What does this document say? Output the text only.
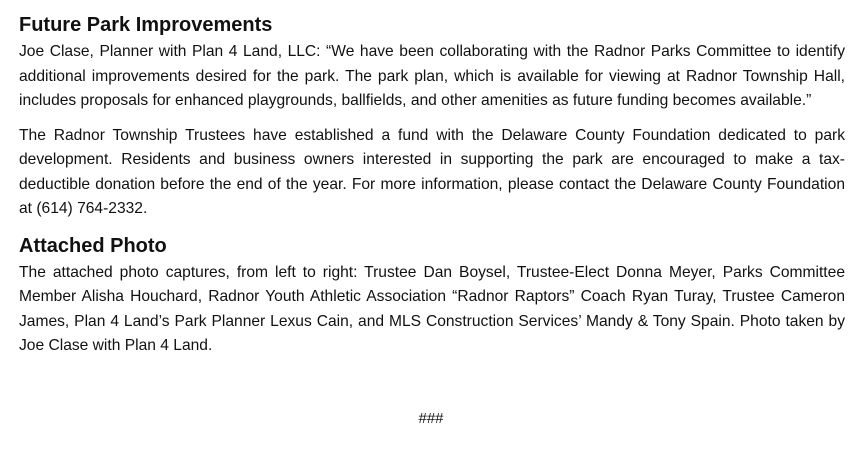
Future Park Improvements

Joe Clase, Planner with Plan 4 Land, LLC: “We have been collaborating with the Radnor Parks Committee to identify additional improvements desired for the park. The park plan, which is available for viewing at Radnor Township Hall, includes proposals for enhanced playgrounds, ballfields, and other amenities as future funding becomes available.”

The Radnor Township Trustees have established a fund with the Delaware County Foundation dedicated to park development. Residents and business owners interested in supporting the park are encouraged to make a tax-deductible donation before the end of the year. For more information, please contact the Delaware County Foundation at (614) 764-2332.

Attached Photo

The attached photo captures, from left to right: Trustee Dan Boysel, Trustee-Elect Donna Meyer, Parks Committee Member Alisha Houchard, Radnor Youth Athletic Association “Radnor Raptors” Coach Ryan Turay, Trustee Cameron James, Plan 4 Land’s Park Planner Lexus Cain, and MLS Construction Services’ Mandy & Tony Spain. Photo taken by Joe Clase with Plan 4 Land.

###
